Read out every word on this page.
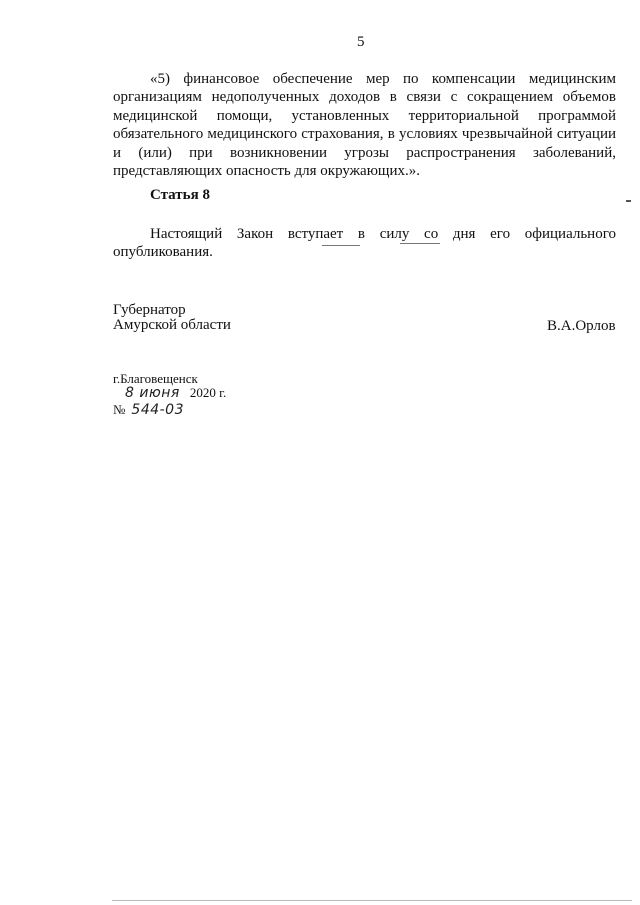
5

«5) финансовое обеспечение мер по компенсации медицинским организациям недополученных доходов в связи с сокращением объемов медицинской помощи, установленных территориальной программой обязательного медицинского страхования, в условиях чрезвычайной ситуации и (или) при возникновении угрозы распространения заболеваний, представляющих опасность для окружающих.».

Статья 8

Настоящий Закон вступает в силу со дня его официального опубликования.

Губернатор
Амурской области	В.А.Орлов
г.Благовещенск
8 июня 2020 г.
№ 544-03
